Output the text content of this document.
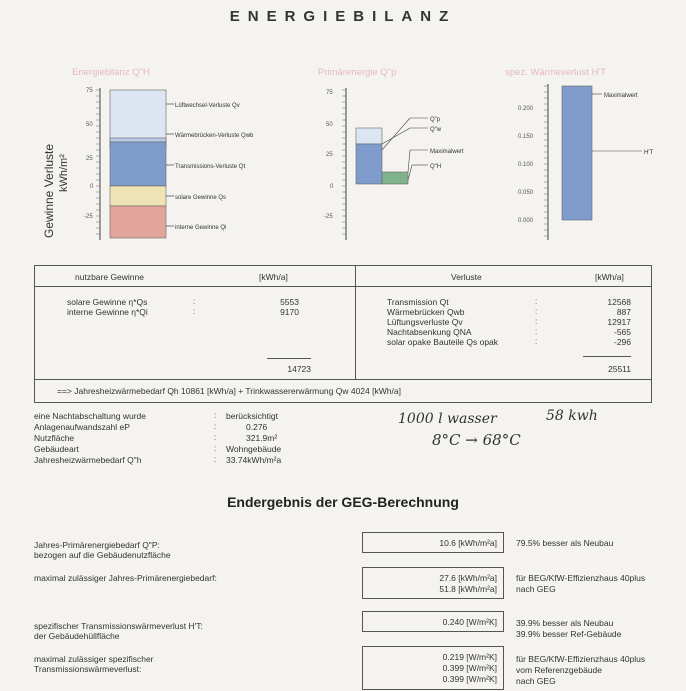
ENERGIEBILANZ
Gewinne Verluste kWh/m²
Energiebilanz Q"H
75
50
25
0
-25
Lüftwechsel-Verluste Qv
Wärmebrücken-Verluste Qwb
Transmissions-Verluste Qt
solare Gewinne Qs
interne Gewinne Qi
Primärenergie Q"p
75
50
25
0
-25
Q"p
Q"w
Maximalwert
Q"H
spez. Wärmeverlust H'T
0.200
0.150
0.100
0.050
0.000
Maximalwert
H'T
nutzbare Gewinne	[kWh/a]	Verluste	[kWh/a]
solare Gewinne η*Qs	:	5553
interne Gewinne η*Qi	:	9170
14723
Transmission Qt	:	12568
Wärmebrücken Qwb	:	887
Lüftungsverluste Qv	:	12917
Nachtabsenkung QNA	:	-565
solar opake Bauteile Qs opak	:	-296
25511
==> Jahresheizwärmebedarf Qh 10861 [kWh/a] + Trinkwassererwärmung Qw 4024 [kWh/a]
eine Nachtabschaltung wurde	: berücksichtigt
Anlagenaufwandszahl eP	:	0.276
Nutzfläche	:	321.9m²
Gebäudeart	: Wohngebäude
Jahresheizwärmebedarf Q"h	: 33.74kWh/m²a
1000 l wasser	58 kwh
8°C → 68°C
Endergebnis der GEG-Berechnung
Jahres-Primärenergiebedarf Q"P:
bezogen auf die Gebäudenutzfläche
10.6 [kWh/m²a] 79.5% besser als Neubau
maximal zulässiger Jahres-Primärenergiebedarf:	27.6 [kWh/m²a]
51.8 [kWh/m²a]
für BEG/KfW-Effizienzhaus 40plus
nach GEG
spezifischer Transmissionswärmeverlust H'T:
der Gebäudehüllfläche
0.240 [W/m²K] 39.9% besser als Neubau
39.9% besser Ref-Gebäude
maximal zulässiger spezifischer
Transmissionswärmeverlust:
0.219 [W/m²K]
0.399 [W/m²K]
0.399 [W/m²K]
für BEG/KfW-Effizienzhaus 40plus
vom Referenzgebäude
nach GEG
